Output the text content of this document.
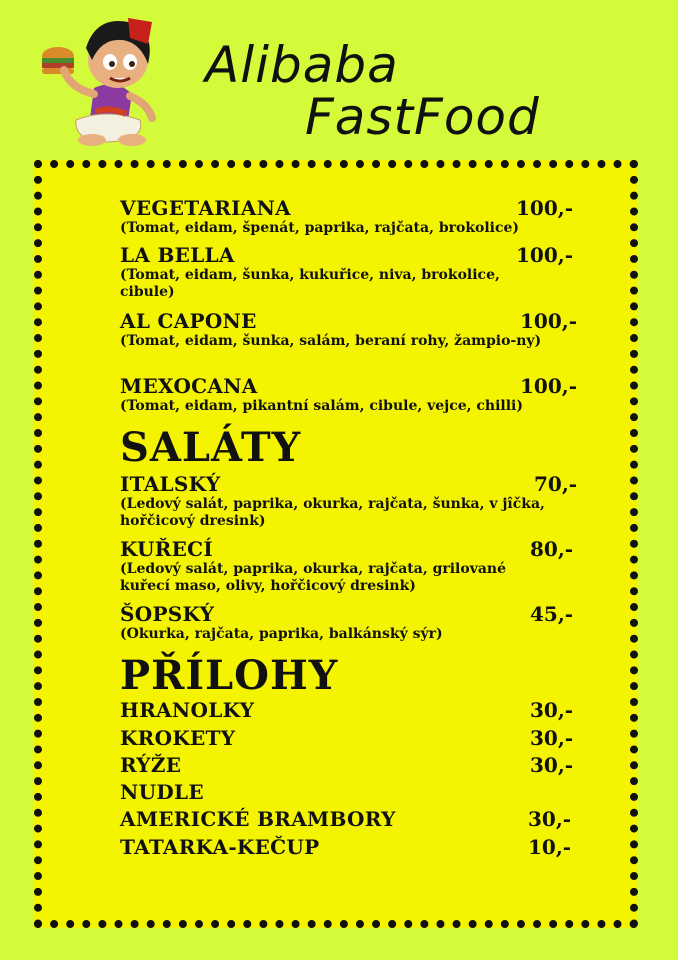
Alibaba
FastFood
VEGETARIANA	100,-
(Tomat, eidam, špenát, paprika, rajčata, brokolice)
LA BELLA	100,-
(Tomat, eidam, šunka, kukuřice, niva, brokolice, cibule)
AL CAPONE	100,-
(Tomat, eidam, šunka, salám, beraní rohy, žampio-ny)
MEXOCANA	100,-
(Tomat, eidam, pikantní salám, cibule, vejce, chilli)
SALÁTY
ITALSKÝ	70,-
(Ledový salát, paprika, okurka, rajčata, šunka, v jîčka, hořčicový dresink)
KUŘECÍ	80,-
(Ledový salát, paprika, okurka, rajčata, grilované kuřecí maso, olivy, hořčicový dresink)
ŠOPSKÝ	45,-
(Okurka, rajčata, paprika, balkánský sýr)
PŘÍLOHY
HRANOLKY	30,-
KROKETY	30,-
RÝŽE	30,-
NUDLE
AMERICKÉ BRAMBORY	30,-
TATARKA-KEČUP	10,-
